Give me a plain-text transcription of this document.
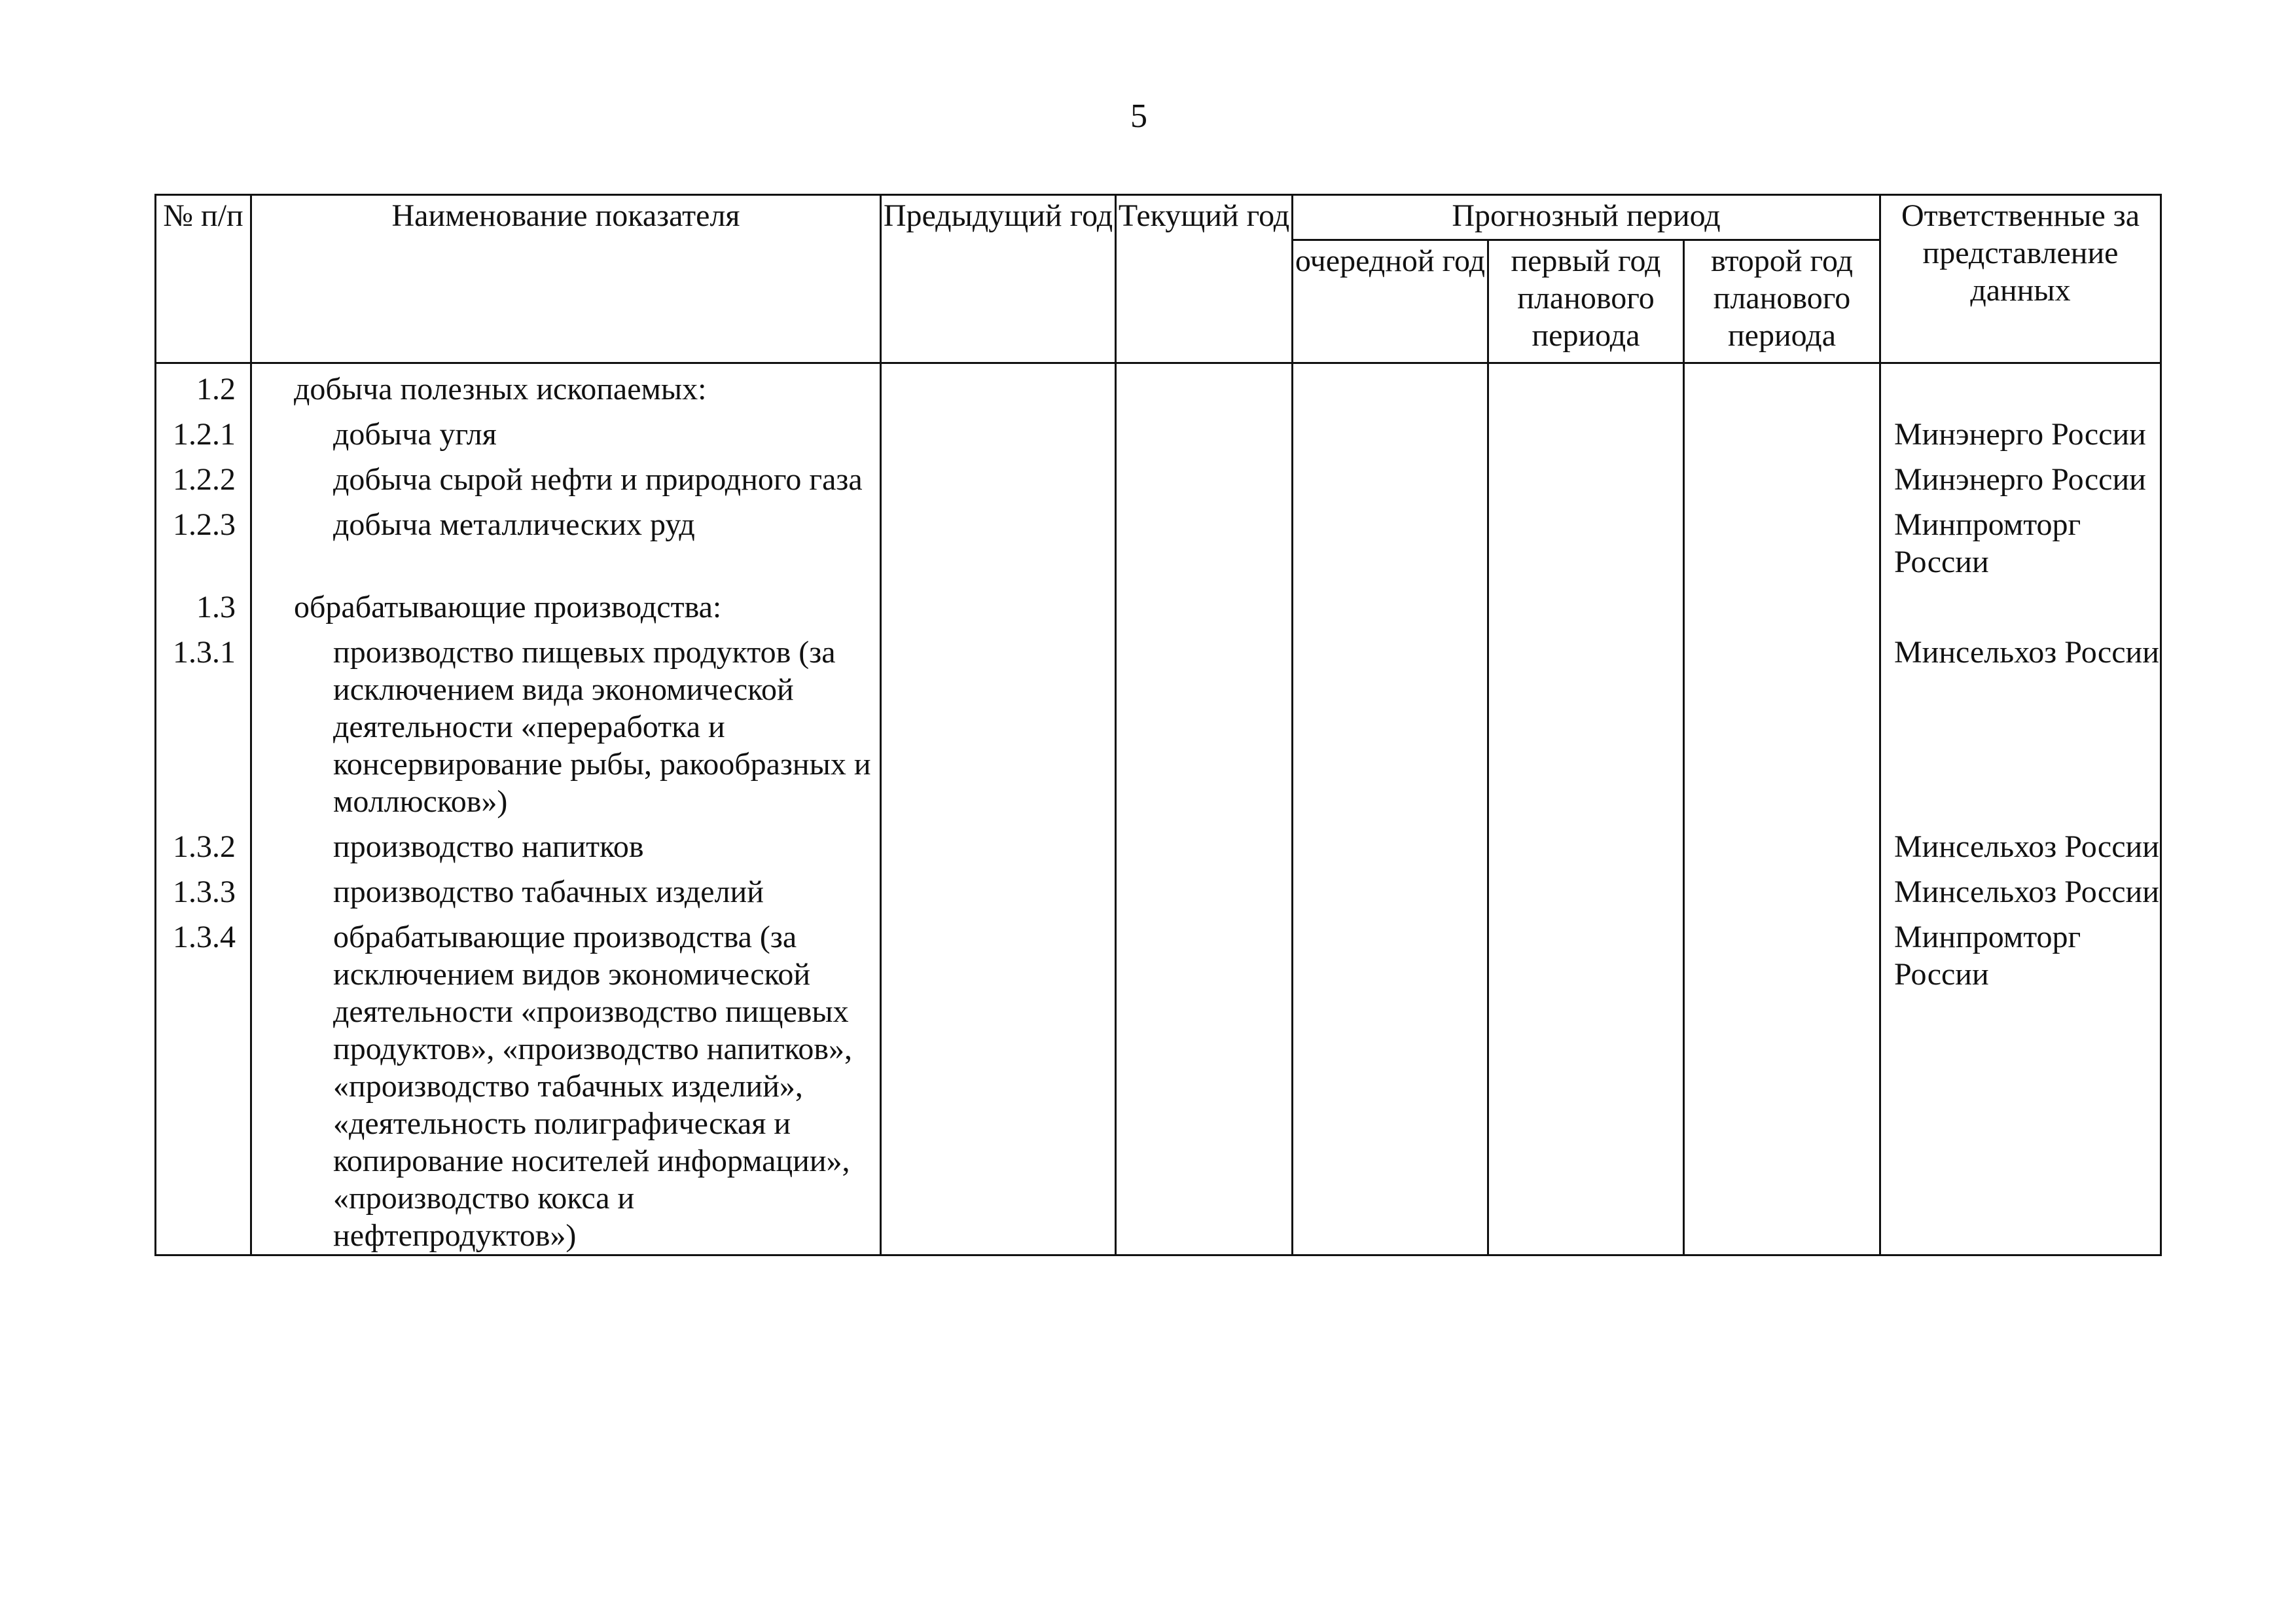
5
№ п/п	Наименование показателя	Предыдущий год	Текущий год	Прогнозный период			Ответственные за представление данных
				очередной год	первый год планового периода	второй год планового периода	
1.2	добыча полезных ископаемых:						
1.2.1	добыча угля						Минэнерго России
1.2.2	добыча сырой нефти и природного газа						Минэнерго России
1.2.3	добыча металлических руд						Минпромторг России
1.3	обрабатывающие производства:						
1.3.1	производство пищевых продуктов (за исключением вида экономической деятельности «переработка и консервирование рыбы, ракообразных и моллюсков»)						Минсельхоз России
1.3.2	производство напитков						Минсельхоз России
1.3.3	производство табачных изделий						Минсельхоз России
1.3.4	обрабатывающие производства (за исключением видов экономической деятельности «производство пищевых продуктов», «производство напитков», «производство табачных изделий», «деятельность полиграфическая и копирование носителей информации», «производство кокса и нефтепродуктов»)						Минпромторг России
